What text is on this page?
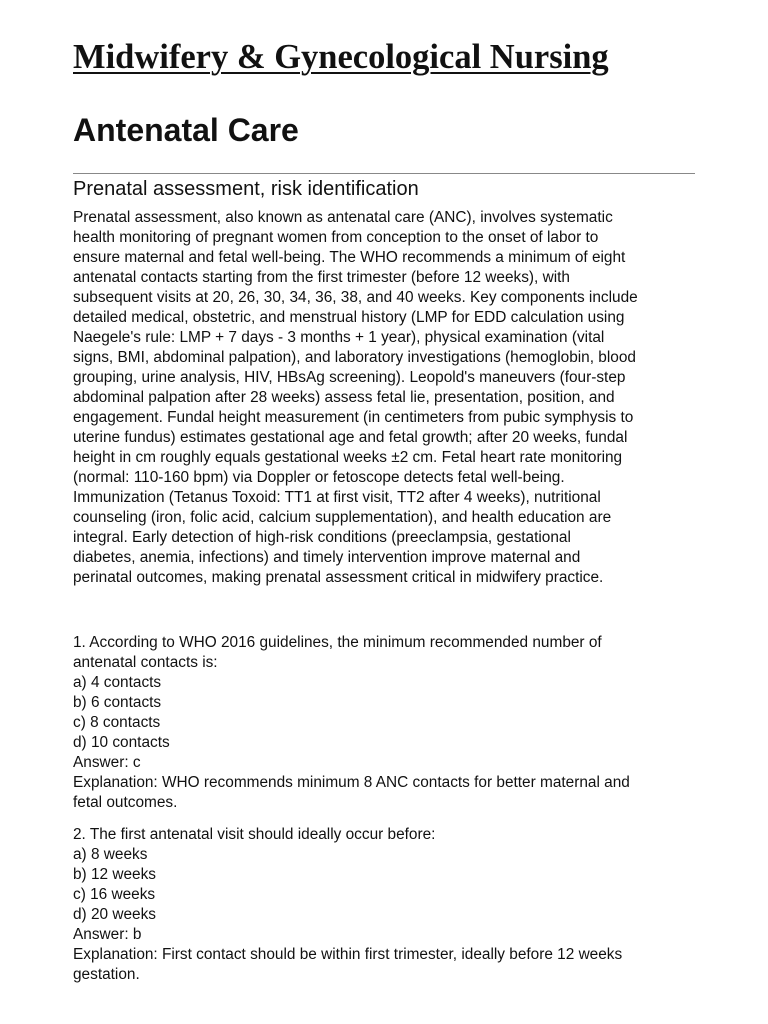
Midwifery & Gynecological Nursing
Antenatal Care
Prenatal assessment, risk identification

Prenatal assessment, also known as antenatal care (ANC), involves systematic
health monitoring of pregnant women from conception to the onset of labor to
ensure maternal and fetal well-being. The WHO recommends a minimum of eight
antenatal contacts starting from the first trimester (before 12 weeks), with
subsequent visits at 20, 26, 30, 34, 36, 38, and 40 weeks. Key components include
detailed medical, obstetric, and menstrual history (LMP for EDD calculation using
Naegele's rule: LMP + 7 days - 3 months + 1 year), physical examination (vital
signs, BMI, abdominal palpation), and laboratory investigations (hemoglobin, blood
grouping, urine analysis, HIV, HBsAg screening). Leopold's maneuvers (four-step
abdominal palpation after 28 weeks) assess fetal lie, presentation, position, and
engagement. Fundal height measurement (in centimeters from pubic symphysis to
uterine fundus) estimates gestational age and fetal growth; after 20 weeks, fundal
height in cm roughly equals gestational weeks ±2 cm. Fetal heart rate monitoring
(normal: 110-160 bpm) via Doppler or fetoscope detects fetal well-being.
Immunization (Tetanus Toxoid: TT1 at first visit, TT2 after 4 weeks), nutritional
counseling (iron, folic acid, calcium supplementation), and health education are
integral. Early detection of high-risk conditions (preeclampsia, gestational
diabetes, anemia, infections) and timely intervention improve maternal and
perinatal outcomes, making prenatal assessment critical in midwifery practice.

1. According to WHO 2016 guidelines, the minimum recommended number of
antenatal contacts is:
a) 4 contacts
b) 6 contacts
c) 8 contacts
d) 10 contacts
Answer: c
Explanation: WHO recommends minimum 8 ANC contacts for better maternal and
fetal outcomes.
2. The first antenatal visit should ideally occur before:
a) 8 weeks
b) 12 weeks
c) 16 weeks
d) 20 weeks
Answer: b
Explanation: First contact should be within first trimester, ideally before 12 weeks
gestation.
